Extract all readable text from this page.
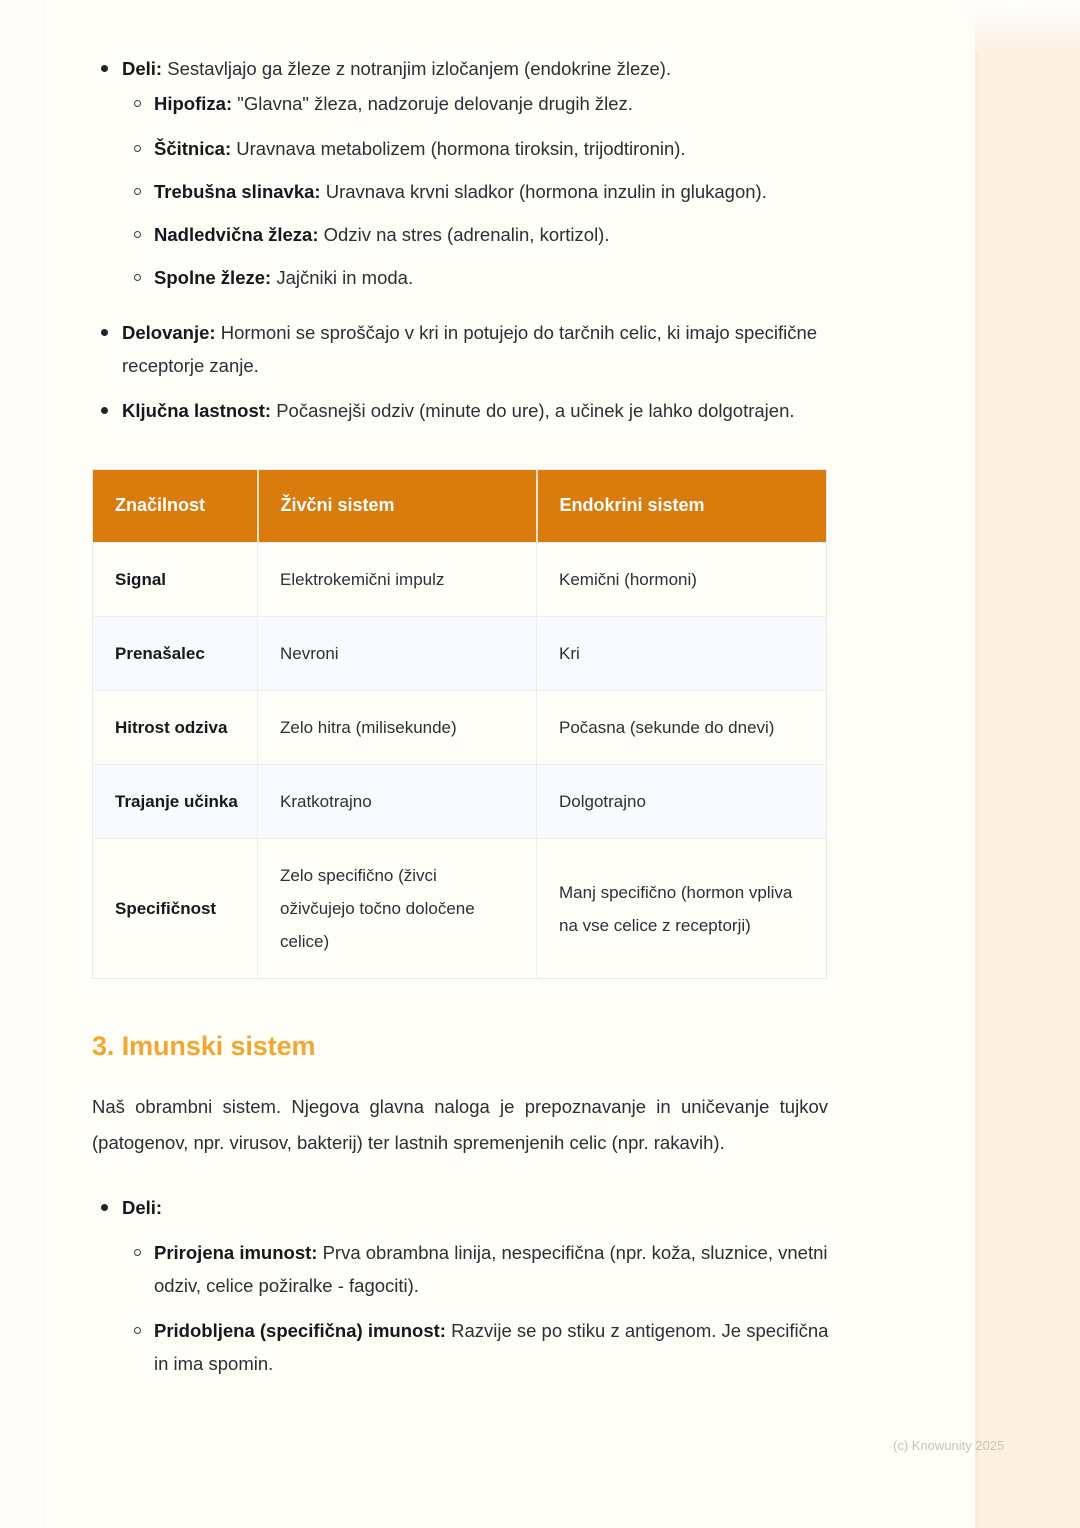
Deli: Sestavljajo ga žleze z notranjim izločanjem (endokrine žleze).
Hipofiza: "Glavna" žleza, nadzoruje delovanje drugih žlez.
Ščitnica: Uravnava metabolizem (hormona tiroksin, trijodtironin).
Trebušna slinavka: Uravnava krvni sladkor (hormona inzulin in glukagon).
Nadledvična žleza: Odziv na stres (adrenalin, kortizol).
Spolne žleze: Jajčniki in moda.
Delovanje: Hormoni se sproščajo v kri in potujejo do tarčnih celic, ki imajo specifične receptorje zanje.
Ključna lastnost: Počasnejši odziv (minute do ure), a učinek je lahko dolgotrajen.
Značilnost	Živčni sistem	Endokrini sistem
Signal	Elektrokemični impulz	Kemični (hormoni)
Prenašalec	Nevroni	Kri
Hitrost odziva	Zelo hitra (milisekunde)	Počasna (sekunde do dnevi)
Trajanje učinka	Kratkotrajno	Dolgotrajno
Specifičnost	Zelo specifično (živci oživčujejo točno določene celice)	Manj specifično (hormon vpliva na vse celice z receptorji)
3. Imunski sistem

Naš obrambni sistem. Njegova glavna naloga je prepoznavanje in uničevanje tujkov (patogenov, npr. virusov, bakterij) ter lastnih spremenjenih celic (npr. rakavih).

Deli:
Prirojena imunost: Prva obrambna linija, nespecifična (npr. koža, sluznice, vnetni odziv, celice požiralke - fagociti).
Pridobljena (specifična) imunost: Razvije se po stiku z antigenom. Je specifična in ima spomin.
(c) Knowunity 2025
